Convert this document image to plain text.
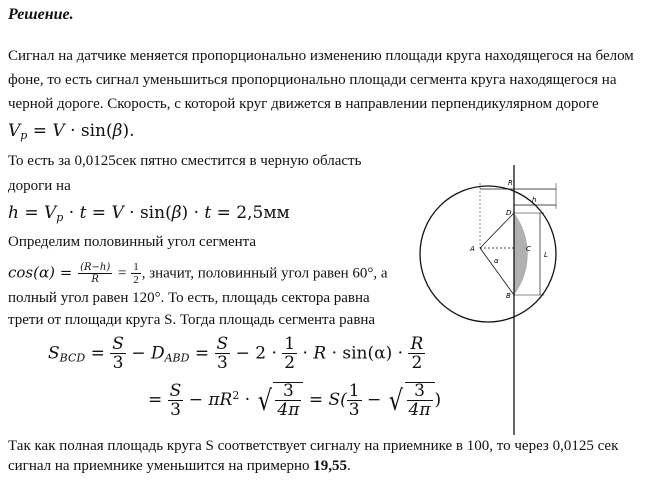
Решение.
Сигнал на датчике меняется пропорционально изменению площади круга находящегося на белом
фоне, то есть сигнал уменьшиться пропорционально площади сегмента круга находящегося на
черной дороге. Скорость, с которой круг движется в направлении перпендикулярном дороге
$V_p = V \cdot \sin(\beta)$.
То есть за 0,0125сек пятно сместится в черную область
дороги на
$h = V_p \cdot t = V \cdot \sin(\beta) \cdot t = 2,5мм$
Определим половинный угол сегмента
$\cos(\alpha) = \frac{(R-h)}{R} = \frac{1}{2}$ , значит, половинный угол равен 60°, а
полный угол равен 120°. То есть, площадь сектора равна
трети от площади круга S. Тогда площадь сегмента равна
$S_{BCD} = \frac{S}{3} - D_{ABD} = \frac{S}{3} - 2 \cdot \frac{1}{2} \cdot R \cdot \sin(\alpha) \cdot \frac{R}{2}$
= $\frac{S}{3} - \pi R^2$ · √ $\frac{3}{4\pi} = S( \frac{1}{3}$ − √ $\frac{3}{4\pi}$ )
Так как полная площадь круга S соответствует сигналу на приемнике в 100, то через 0,0125 сек
сигнал на приемнике уменьшится на примерно 19,55.
R
h
D
C
B
A
α
L
